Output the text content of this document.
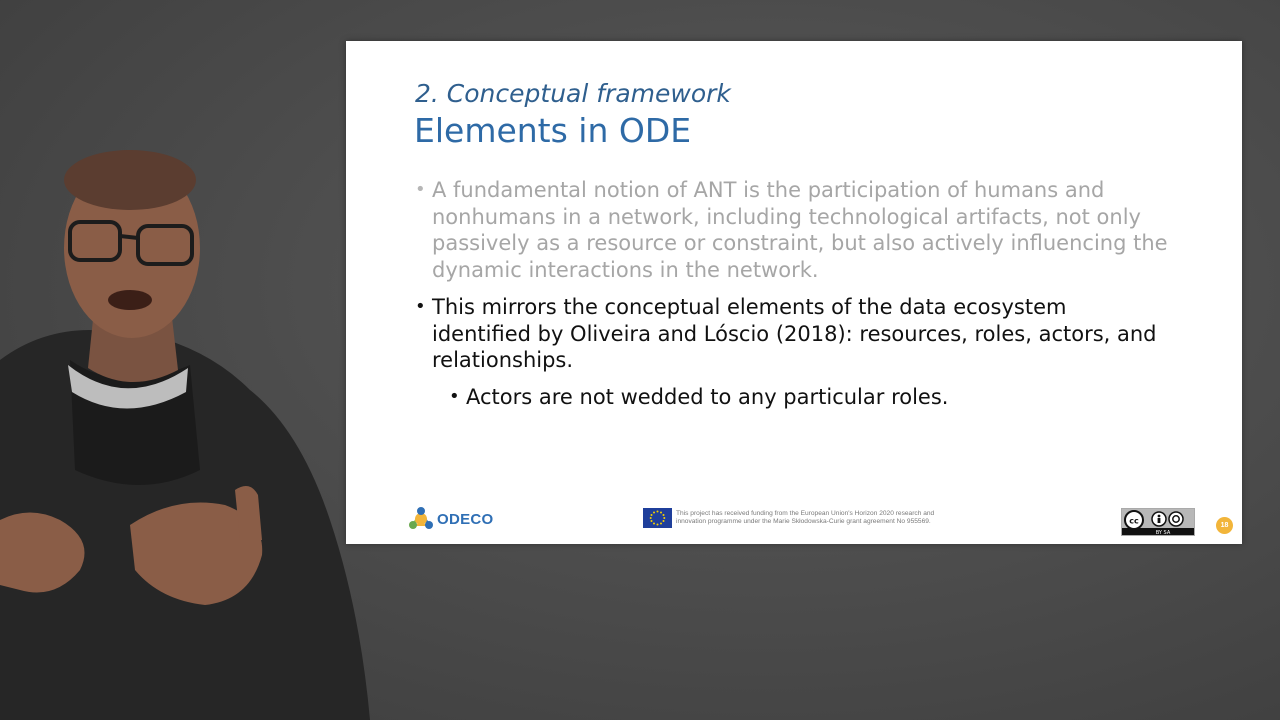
2. Conceptual framework
Elements in ODE
• A fundamental notion of ANT is the participation of humans and
nonhumans in a network, including technological artifacts, not only
passively as a resource or constraint, but also actively influencing the
dynamic interactions in the network.
• This mirrors the conceptual elements of the data ecosystem
identified by Oliveira and Lóscio (2018): resources, roles, actors, and
relationships.
• Actors are not wedded to any particular roles.
ODECO	This project has received funding from the European Union's Horizon 2020 research and
innovation programme under the Marie Skłodowska-Curie grant agreement No 955569.	cc
BY SA
18
